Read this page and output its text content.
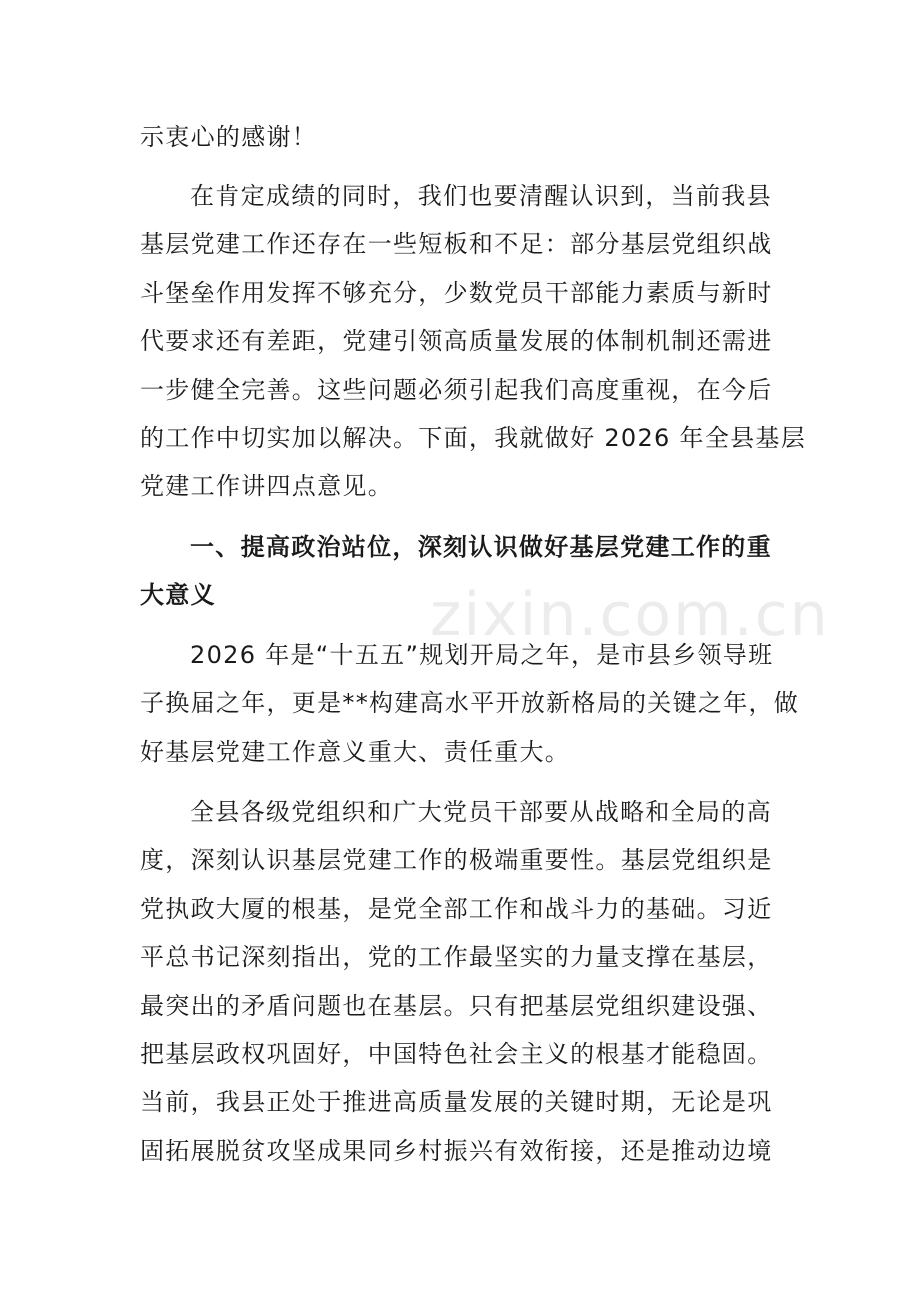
示衷心的感谢！

在肯定成绩的同时，我们也要清醒认识到，当前我县
基层党建工作还存在一些短板和不足：部分基层党组织战
斗堡垒作用发挥不够充分，少数党员干部能力素质与新时
代要求还有差距，党建引领高质量发展的体制机制还需进
一步健全完善。这些问题必须引起我们高度重视，在今后
的工作中切实加以解决。下面，我就做好 2026 年全县基层
党建工作讲四点意见。

一、提高政治站位，深刻认识做好基层党建工作的重
大意义

2026 年是“十五五”规划开局之年，是市县乡领导班
子换届之年，更是**构建高水平开放新格局的关键之年，做
好基层党建工作意义重大、责任重大。

全县各级党组织和广大党员干部要从战略和全局的高
度，深刻认识基层党建工作的极端重要性。基层党组织是
党执政大厦的根基，是党全部工作和战斗力的基础。习近
平总书记深刻指出，党的工作最坚实的力量支撑在基层，
最突出的矛盾问题也在基层。只有把基层党组织建设强、
把基层政权巩固好，中国特色社会主义的根基才能稳固。
当前，我县正处于推进高质量发展的关键时期，无论是巩
固拓展脱贫攻坚成果同乡村振兴有效衔接，还是推动边境

zixin.com.cn
